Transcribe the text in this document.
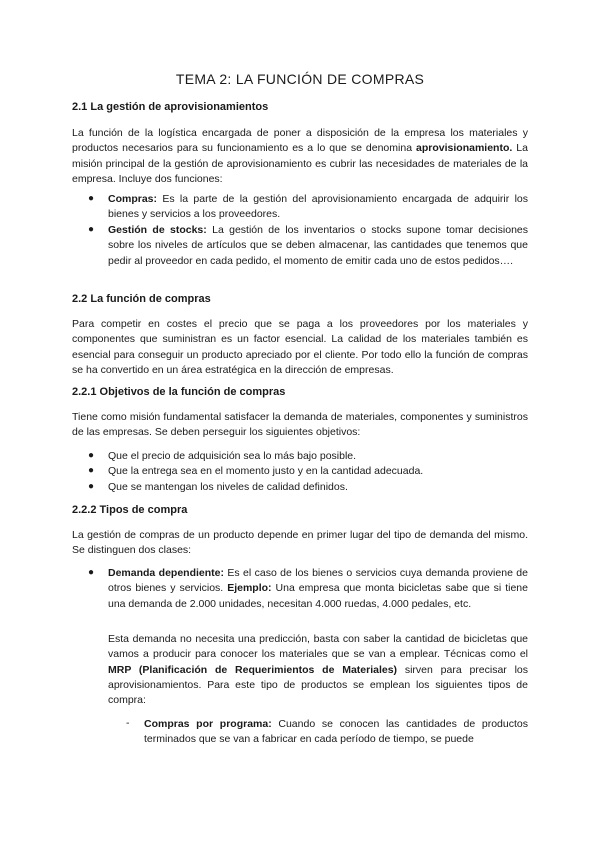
TEMA 2: LA FUNCIÓN DE COMPRAS
2.1 La gestión de aprovisionamientos

La función de la logística encargada de poner a disposición de la empresa los materiales y productos necesarios para su funcionamiento es a lo que se denomina aprovisionamiento. La misión principal de la gestión de aprovisionamiento es cubrir las necesidades de materiales de la empresa. Incluye dos funciones:

● Compras: Es la parte de la gestión del aprovisionamiento encargada de adquirir los bienes y servicios a los proveedores.

● Gestión de stocks: La gestión de los inventarios o stocks supone tomar decisiones sobre los niveles de artículos que se deben almacenar, las cantidades que tenemos que pedir al proveedor en cada pedido, el momento de emitir cada uno de estos pedidos….

2.2 La función de compras

Para competir en costes el precio que se paga a los proveedores por los materiales y componentes que suministran es un factor esencial. La calidad de los materiales también es esencial para conseguir un producto apreciado por el cliente. Por todo ello la función de compras se ha convertido en un área estratégica en la dirección de empresas.

2.2.1 Objetivos de la función de compras

Tiene como misión fundamental satisfacer la demanda de materiales, componentes y suministros de las empresas. Se deben perseguir los siguientes objetivos:

● Que el precio de adquisición sea lo más bajo posible.

● Que la entrega sea en el momento justo y en la cantidad adecuada.

● Que se mantengan los niveles de calidad definidos.

2.2.2 Tipos de compra

La gestión de compras de un producto depende en primer lugar del tipo de demanda del mismo. Se distinguen dos clases:

● Demanda dependiente: Es el caso de los bienes o servicios cuya demanda proviene de otros bienes y servicios. Ejemplo: Una empresa que monta bicicletas sabe que si tiene una demanda de 2.000 unidades, necesitan 4.000 ruedas, 4.000 pedales, etc.

Esta demanda no necesita una predicción, basta con saber la cantidad de bicicletas que vamos a producir para conocer los materiales que se van a emplear. Técnicas como el MRP (Planificación de Requerimientos de Materiales) sirven para precisar los aprovisionamientos. Para este tipo de productos se emplean los siguientes tipos de compra:

- Compras por programa: Cuando se conocen las cantidades de productos terminados que se van a fabricar en cada período de tiempo, se puede
